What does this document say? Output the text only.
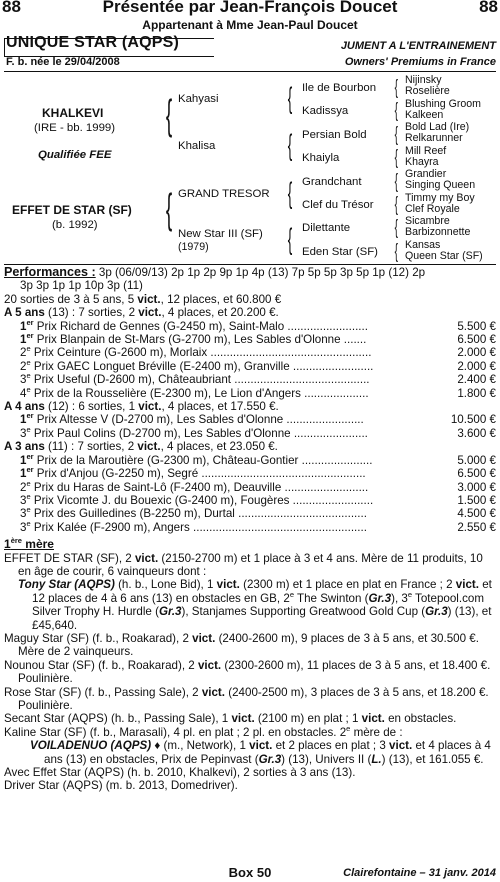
88	Présentée par Jean-François Doucet	88
Appartenant à Mme Jean-Paul Doucet
UNIQUE STAR (AQPS)	JUMENT A L'ENTRAINEMENT
F. b. née le 29/04/2008	Owners' Premiums in France
KHALKEVI
(IRE - bb. 1999)
Qualifiée FEE
EFFET DE STAR (SF)
(b. 1992)
{
{
Kahyasi
Khalisa
GRAND TRESOR
New Star III (SF)
(1979)
{
{
{
{
Ile de Bourbon
Kadissya
Persian Bold
Khaiyla
Grandchant
Clef du Trésor
Dilettante
Eden Star (SF)
{
{
{
{
{
{
{
{
Nijinsky
Roselière
Blushing Groom
Kalkeen
Bold Lad (Ire)
Relkarunner
Mill Reef
Khayra
Grandier
Singing Queen
Timmy my Boy
Clef Royale
Sicambre
Barbizonnette
Kansas
Queen Star (SF)
Performances : 3p (06/09/13) 2p 1p 2p 9p 1p 4p (13) 7p 5p 5p 3p 5p 1p (12) 2p
3p 3p 1p 1p 10p 3p (11)
20 sorties de 3 à 5 ans, 5 vict., 12 places, et 60.800 €
A 5 ans (13) : 7 sorties, 2 vict., 4 places, et 20.200 €.
1er Prix Richard de Gennes (G-2450 m), Saint-Malo .........................	5.500 €
1er Prix Blanpain de St-Mars (G-2700 m), Les Sables d'Olonne .......	6.500 €
2e Prix Ceinture (G-2600 m), Morlaix ..................................................	2.000 €
2e Prix GAEC Longuet Bréville (E-2400 m), Granville .........................	2.000 €
3e Prix Useful (D-2600 m), Châteaubriant ..........................................	2.400 €
4e Prix de la Rousselière (E-2300 m), Le Lion d'Angers ....................	1.800 €
A 4 ans (12) : 6 sorties, 1 vict., 4 places, et 17.550 €.
1er Prix Altesse V (D-2700 m), Les Sables d'Olonne ........................	10.500 €
3e Prix Paul Colins (D-2700 m), Les Sables d'Olonne .......................	3.600 €
A 3 ans (11) : 7 sorties, 2 vict., 4 places, et 23.050 €.
1er Prix de la Maroutière (G-2300 m), Château-Gontier ......................	5.000 €
1er Prix d'Anjou (G-2250 m), Segré ...................................................	6.500 €
2e Prix du Haras de Saint-Lô (F-2400 m), Deauville ..........................	3.000 €
3e Prix Vicomte J. du Bouexic (G-2400 m), Fougères .........................	1.500 €
3e Prix des Guilledines (B-2250 m), Durtal ........................................	4.500 €
3e Prix Kalée (F-2900 m), Angers ......................................................	2.550 €
1ère mère
EFFET DE STAR (SF), 2 vict. (2150-2700 m) et 1 place à 3 et 4 ans. Mère de 11 produits, 10 en âge de courir, 6 vainqueurs dont :
Tony Star (AQPS) (h. b., Lone Bid), 1 vict. (2300 m) et 1 place en plat en France ; 2 vict. et 12 places de 4 à 6 ans (13) en obstacles en GB, 2e The Swinton (Gr.3), 3e Totepool.com Silver Trophy H. Hurdle (Gr.3), Stanjames Supporting Greatwood Gold Cup (Gr.3) (13), et £45,640.
Maguy Star (SF) (f. b., Roakarad), 2 vict. (2400-2600 m), 9 places de 3 à 5 ans, et 30.500 €. Mère de 2 vainqueurs.
Nounou Star (SF) (f. b., Roakarad), 2 vict. (2300-2600 m), 11 places de 3 à 5 ans, et 18.400 €. Poulinière.
Rose Star (SF) (f. b., Passing Sale), 2 vict. (2400-2500 m), 3 places de 3 à 5 ans, et 18.200 €. Poulinière.
Secant Star (AQPS) (h. b., Passing Sale), 1 vict. (2100 m) en plat ; 1 vict. en obstacles.
Kaline Star (SF) (f. b., Marasali), 4 pl. en plat ; 2 pl. en obstacles. 2e mère de :
VOILADENUO (AQPS) ♦ (m., Network), 1 vict. et 2 places en plat ; 3 vict. et 4 places à 4 ans (13) en obstacles, Prix de Pepinvast (Gr.3) (13), Univers II (L.) (13), et 161.055 €.
Avec Effet Star (AQPS) (h. b. 2010, Khalkevi), 2 sorties à 3 ans (13).
Driver Star (AQPS) (m. b. 2013, Domedriver).
Box 50	Clairefontaine – 31 janv. 2014
